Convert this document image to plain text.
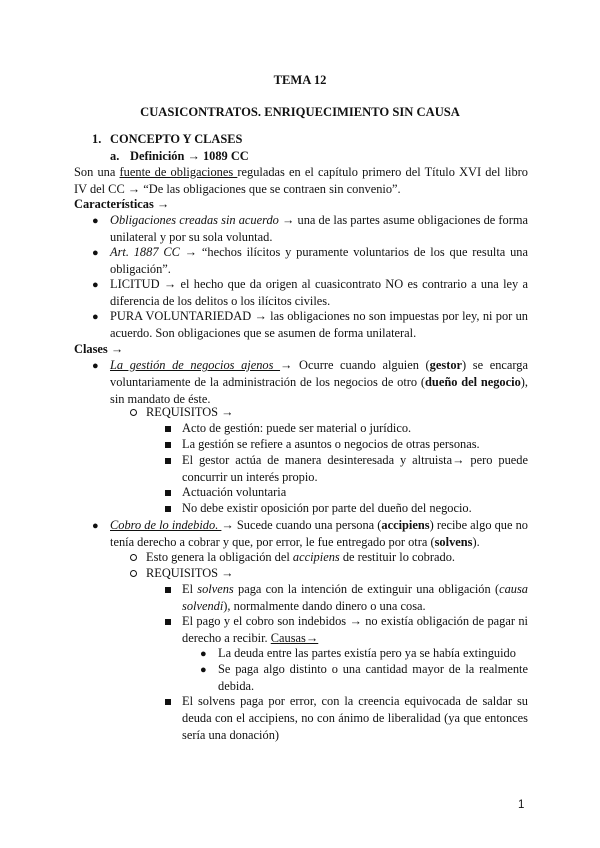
TEMA 12
CUASICONTRATOS. ENRIQUECIMIENTO SIN CAUSA
1. CONCEPTO Y CLASES
a. Definición → 1089 CC
Son una fuente de obligaciones reguladas en el capítulo primero del Título XVI del libro IV del CC → “De las obligaciones que se contraen sin convenio”.
Características →
● Obligaciones creadas sin acuerdo → una de las partes asume obligaciones de forma unilateral y por su sola voluntad.
● Art. 1887 CC → “hechos ilícitos y puramente voluntarios de los que resulta una obligación”.
● LICITUD → el hecho que da origen al cuasicontrato NO es contrario a una ley a diferencia de los delitos o los ilícitos civiles.
● PURA VOLUNTARIEDAD → las obligaciones no son impuestas por ley, ni por un acuerdo. Son obligaciones que se asumen de forma unilateral.
Clases →
● La gestión de negocios ajenos → Ocurre cuando alguien (gestor) se encarga voluntariamente de la administración de los negocios de otro (dueño del negocio), sin mandato de éste.
REQUISITOS →
Acto de gestión: puede ser material o jurídico.
La gestión se refiere a asuntos o negocios de otras personas.
El gestor actúa de manera desinteresada y altruista→ pero puede concurrir un interés propio.
Actuación voluntaria
No debe existir oposición por parte del dueño del negocio.
● Cobro de lo indebido. → Sucede cuando una persona (accipiens) recibe algo que no tenía derecho a cobrar y que, por error, le fue entregado por otra (solvens).
Esto genera la obligación del accipiens de restituir lo cobrado.
REQUISITOS →
El solvens paga con la intención de extinguir una obligación (causa solvendi), normalmente dando dinero o una cosa.
El pago y el cobro son indebidos → no existía obligación de pagar ni derecho a recibir. Causas→
● La deuda entre las partes existía pero ya se había extinguido
● Se paga algo distinto o una cantidad mayor de la realmente debida.
El solvens paga por error, con la creencia equivocada de saldar su deuda con el accipiens, no con ánimo de liberalidad (ya que entonces sería una donación)
1
